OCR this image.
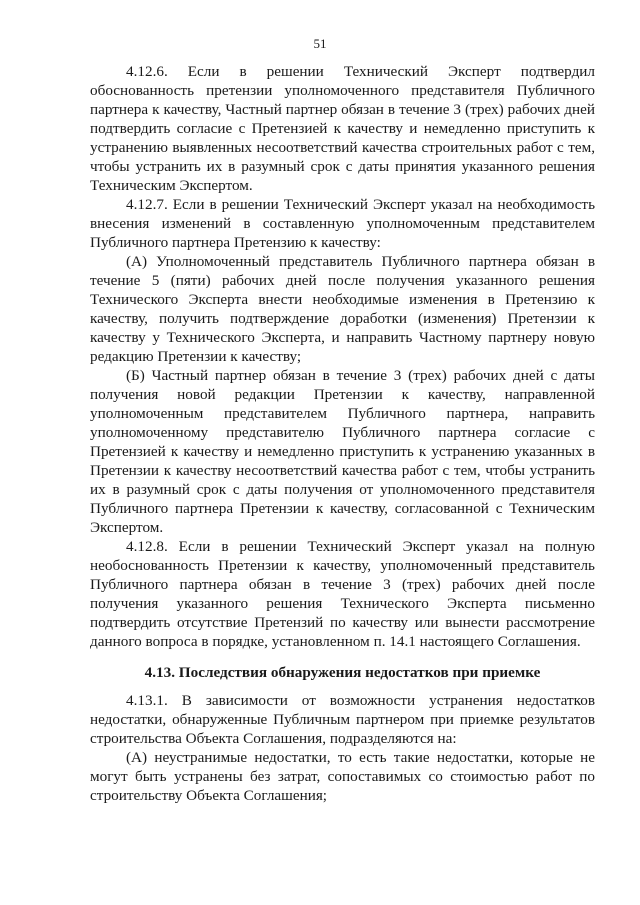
51

4.12.6. Если в решении Технический Эксперт подтвердил обоснованность претензии уполномоченного представителя Публичного партнера к качеству, Частный партнер обязан в течение 3 (трех) рабочих дней подтвердить согласие с Претензией к качеству и немедленно приступить к устранению выявленных несоответствий качества строительных работ с тем, чтобы устранить их в разумный срок с даты принятия указанного решения Техническим Экспертом.

4.12.7. Если в решении Технический Эксперт указал на необходимость внесения изменений в составленную уполномоченным представителем Публичного партнера Претензию к качеству:

(А) Уполномоченный представитель Публичного партнера обязан в течение 5 (пяти) рабочих дней после получения указанного решения Технического Эксперта внести необходимые изменения в Претензию к качеству, получить подтверждение доработки (изменения) Претензии к качеству у Технического Эксперта, и направить Частному партнеру новую редакцию Претензии к качеству;

(Б) Частный партнер обязан в течение 3 (трех) рабочих дней с даты получения новой редакции Претензии к качеству, направленной уполномоченным представителем Публичного партнера, направить уполномоченному представителю Публичного партнера согласие с Претензией к качеству и немедленно приступить к устранению указанных в Претензии к качеству несоответствий качества работ с тем, чтобы устранить их в разумный срок с даты получения от уполномоченного представителя Публичного партнера Претензии к качеству, согласованной с Техническим Экспертом.

4.12.8. Если в решении Технический Эксперт указал на полную необоснованность Претензии к качеству, уполномоченный представитель Публичного партнера обязан в течение 3 (трех) рабочих дней после получения указанного решения Технического Эксперта письменно подтвердить отсутствие Претензий по качеству или вынести рассмотрение данного вопроса в порядке, установленном п. 14.1 настоящего Соглашения.

4.13. Последствия обнаружения недостатков при приемке

4.13.1. В зависимости от возможности устранения недостатков недостатки, обнаруженные Публичным партнером при приемке результатов строительства Объекта Соглашения, подразделяются на:

(А) неустранимые недостатки, то есть такие недостатки, которые не могут быть устранены без затрат, сопоставимых со стоимостью работ по строительству Объекта Соглашения;
